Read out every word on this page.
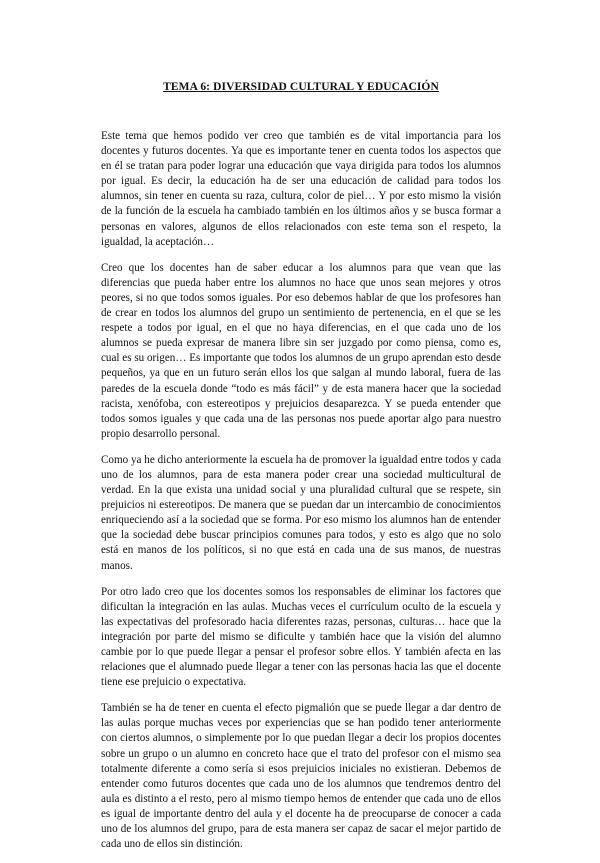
TEMA 6: DIVERSIDAD CULTURAL Y EDUCACIÓN

Este tema que hemos podido ver creo que también es de vital importancia para los docentes y futuros docentes. Ya que es importante tener en cuenta todos los aspectos que en él se tratan para poder lograr una educación que vaya dirigida para todos los alumnos por igual. Es decir, la educación ha de ser una educación de calidad para todos los alumnos, sin tener en cuenta su raza, cultura, color de piel… Y por esto mismo la visión de la función de la escuela ha cambiado también en los últimos años y se busca formar a personas en valores, algunos de ellos relacionados con este tema son el respeto, la igualdad, la aceptación…

Creo que los docentes han de saber educar a los alumnos para que vean que las diferencias que pueda haber entre los alumnos no hace que unos sean mejores y otros peores, si no que todos somos iguales. Por eso debemos hablar de que los profesores han de crear en todos los alumnos del grupo un sentimiento de pertenencia, en el que se les respete a todos por igual, en el que no haya diferencias, en el que cada uno de los alumnos se pueda expresar de manera libre sin ser juzgado por como piensa, como es, cual es su origen… Es importante que todos los alumnos de un grupo aprendan esto desde pequeños, ya que en un futuro serán ellos los que salgan al mundo laboral, fuera de las paredes de la escuela donde “todo es más fácil” y de esta manera hacer que la sociedad racista, xenófoba, con estereotipos y prejuicios desaparezca. Y se pueda entender que todos somos iguales y que cada una de las personas nos puede aportar algo para nuestro propio desarrollo personal.

Como ya he dicho anteriormente la escuela ha de promover la igualdad entre todos y cada uno de los alumnos, para de esta manera poder crear una sociedad multicultural de verdad. En la que exista una unidad social y una pluralidad cultural que se respete, sin prejuicios ni estereotipos. De manera que se puedan dar un intercambio de conocimientos enriqueciendo así a la sociedad que se forma. Por eso mismo los alumnos han de entender que la sociedad debe buscar principios comunes para todos, y esto es algo que no solo está en manos de los políticos, si no que está en cada una de sus manos, de nuestras manos.

Por otro lado creo que los docentes somos los responsables de eliminar los factores que dificultan la integración en las aulas. Muchas veces el currículum oculto de la escuela y las expectativas del profesorado hacia diferentes razas, personas, culturas… hace que la integración por parte del mismo se dificulte y también hace que la visión del alumno cambie por lo que puede llegar a pensar el profesor sobre ellos. Y también afecta en las relaciones que el alumnado puede llegar a tener con las personas hacia las que el docente tiene ese prejuicio o expectativa.

También se ha de tener en cuenta el efecto pigmalión que se puede llegar a dar dentro de las aulas porque muchas veces por experiencias que se han podido tener anteriormente con ciertos alumnos, o simplemente por lo que puedan llegar a decir los propios docentes sobre un grupo o un alumno en concreto hace que el trato del profesor con el mismo sea totalmente diferente a como sería si esos prejuicios iniciales no existieran. Debemos de entender como futuros docentes que cada uno de los alumnos que tendremos dentro del aula es distinto a el resto, pero al mismo tiempo hemos de entender que cada uno de ellos es igual de importante dentro del aula y el docente ha de preocuparse de conocer a cada uno de los alumnos del grupo, para de esta manera ser capaz de sacar el mejor partido de cada uno de ellos sin distinción.
